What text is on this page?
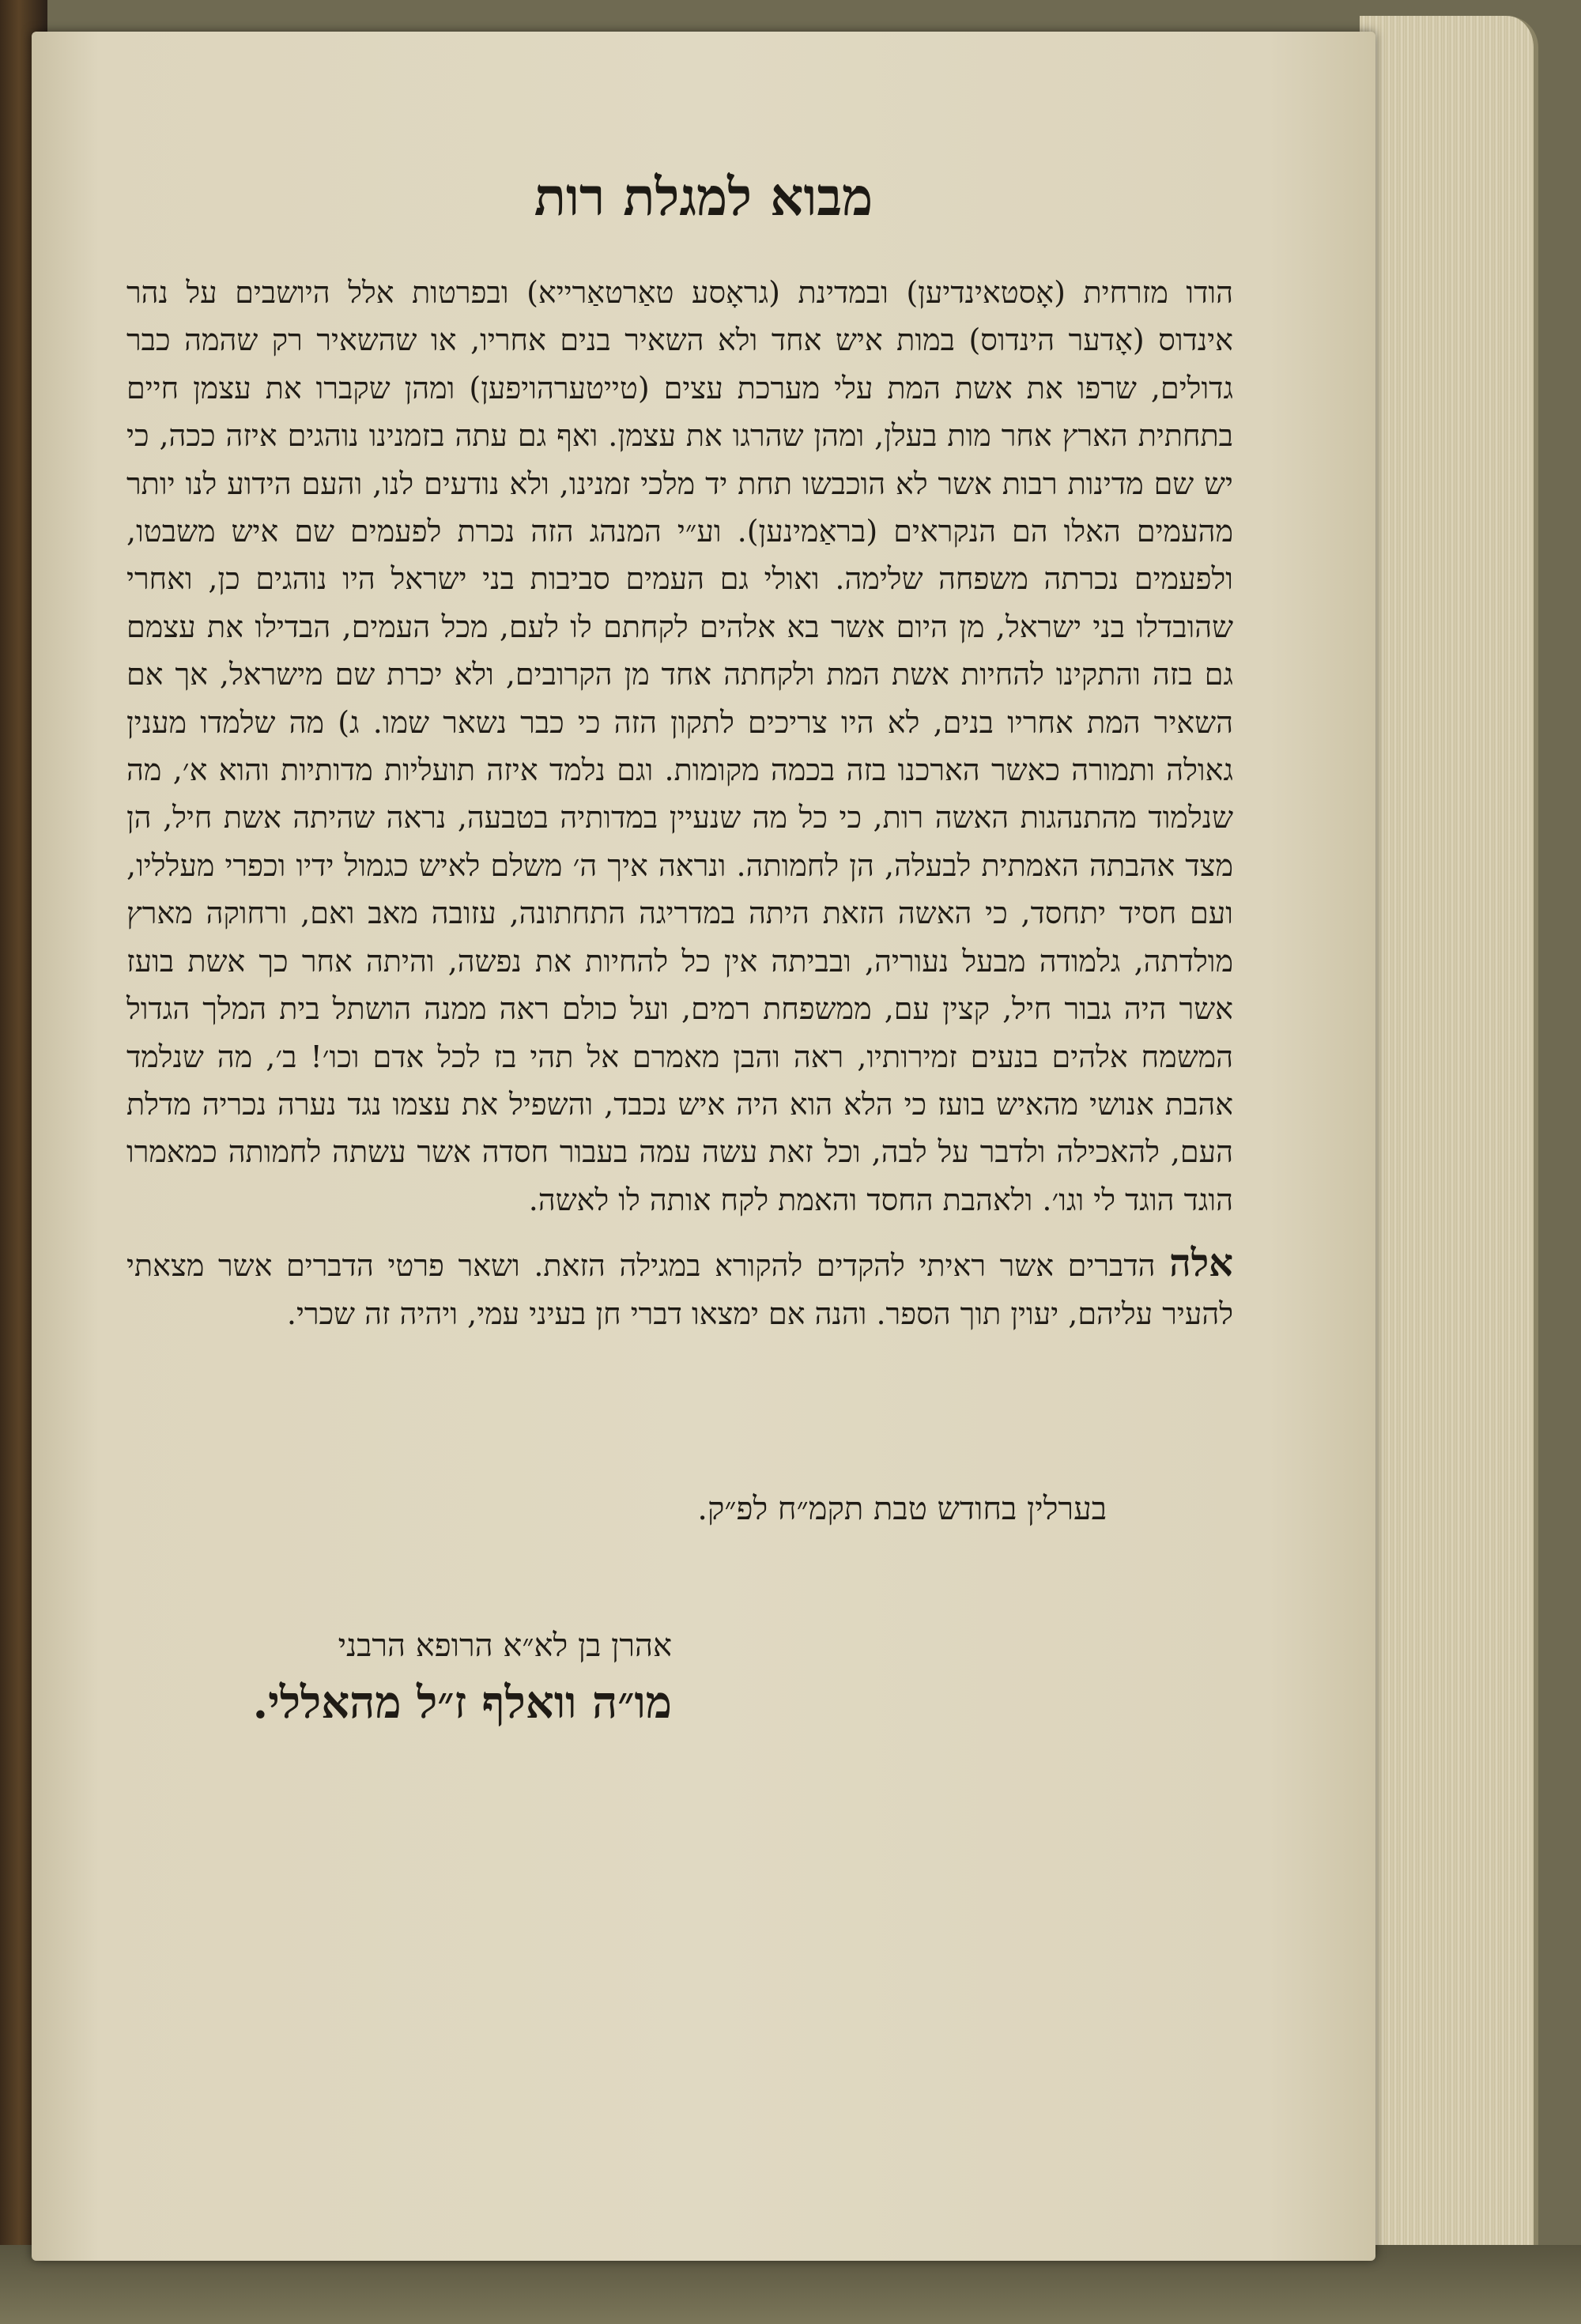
מבוא למגלת רות

הודו מזרחית (אָסטאינדיען) ובמדינת (גראָסע טאַרטאַרייא) ובפרטות אלל היושבים על נהר אינדוס (אָדער הינדוס) במות איש אחד ולא השאיר בנים אחריו, או שהשאיר רק שהמה כבר גדולים, שרפו את אשת המת עלי מערכת עצים (טייטערהויפען) ומהן שקברו את עצמן חיים בתחתית הארץ אחר מות בעלן, ומהן שהרגו את עצמן. ואף גם עתה בזמנינו נוהגים איזה ככה, כי יש שם מדינות רבות אשר לא הוכבשו תחת יד מלכי זמנינו, ולא נודעים לנו, והעם הידוע לנו יותר מהעמים האלו הם הנקראים (בראַמינען). וע״י המנהג הזה נכרת לפעמים שם איש משבטו, ולפעמים נכרתה משפחה שלימה. ואולי גם העמים סביבות בני ישראל היו נוהגים כן, ואחרי שהובדלו בני ישראל, מן היום אשר בא אלהים לקחתם לו לעם, מכל העמים, הבדילו את עצמם גם בזה והתקינו להחיות אשת המת ולקחתה אחד מן הקרובים, ולא יכרת שם מישראל, אך אם השאיר המת אחריו בנים, לא היו צריכים לתקון הזה כי כבר נשאר שמו. ג) מה שלמדו מענין גאולה ותמורה כאשר הארכנו בזה בכמה מקומות. וגם נלמד איזה תועליות מדותיות והוא א׳, מה שנלמוד מהתנהגות האשה רות, כי כל מה שנעיין במדותיה בטבעה, נראה שהיתה אשת חיל, הן מצד אהבתה האמתית לבעלה, הן לחמותה. ונראה איך ה׳ משלם לאיש כגמול ידיו וכפרי מעלליו, ועם חסיד יתחסד, כי האשה הזאת היתה במדריגה התחתונה, עזובה מאב ואם, ורחוקה מארץ מולדתה, גלמודה מבעל נעוריה, ובביתה אין כל להחיות את נפשה, והיתה אחר כך אשת בועז אשר היה גבור חיל, קצין עם, ממשפחת רמים, ועל כולם ראה ממנה הושתל בית המלך הגדול המשמח אלהים בנעים זמירותיו, ראה והבן מאמרם אל תהי בז לכל אדם וכו׳! ב׳, מה שנלמד אהבת אנושי מהאיש בועז כי הלא הוא היה איש נכבד, והשפיל את עצמו נגד נערה נכריה מדלת העם, להאכילה ולדבר על לבה, וכל זאת עשה עמה בעבור חסדה אשר עשתה לחמותה כמאמרו הוגד הוגד לי וגו׳. ולאהבת החסד והאמת לקח אותה לו לאשה.

אלה הדברים אשר ראיתי להקדים להקורא במגילה הזאת. ושאר פרטי הדברים אשר מצאתי להעיר עליהם, יעוין תוך הספר. והנה אם ימצאו דברי חן בעיני עמי, ויהיה זה שכרי.

בערלין בחודש טבת תקמ״ח לפ״ק.
אהרן בן לא״א הרופא הרבני
מו״ה וואלף ז״ל מהאללי.
